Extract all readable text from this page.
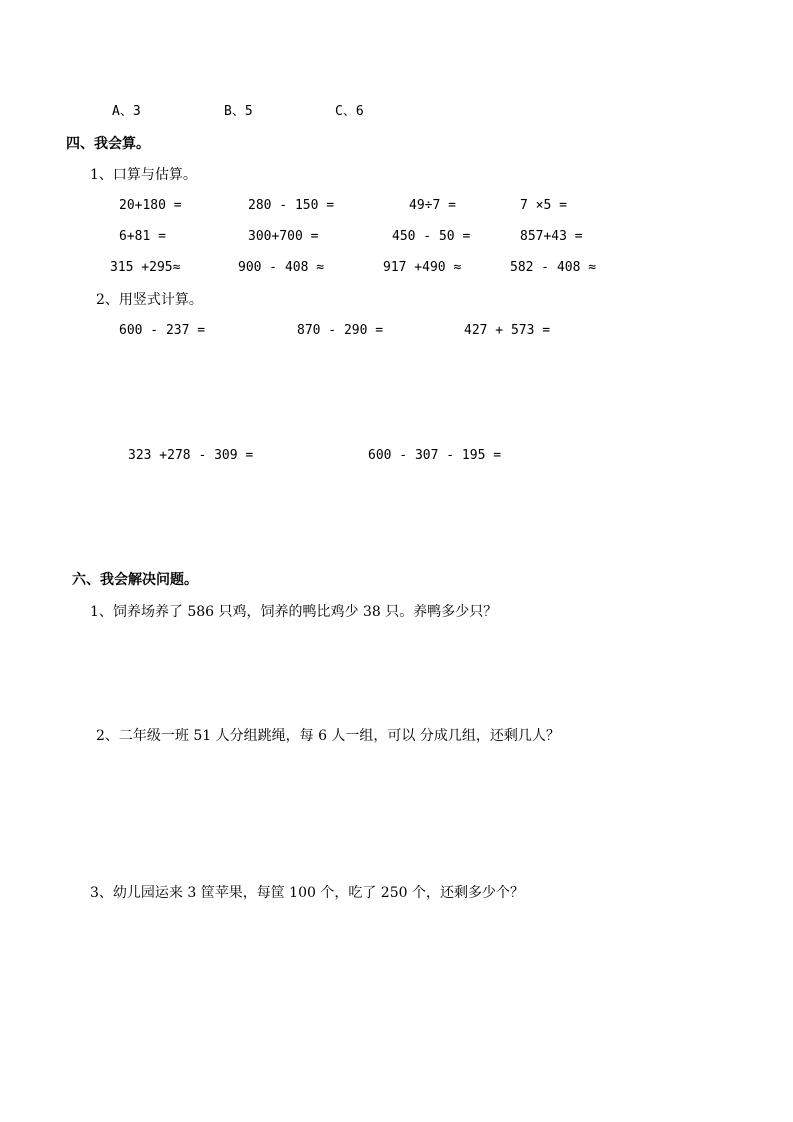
A、3	B、5	C、6
四、我会算。
1、口算与估算。
20+180 =	280 - 150 =	49÷7 =	7 ×5 =
6+81 =	300+700 =	450 - 50 =	857+43 =
315 +295≈	900 - 408 ≈	917 +490 ≈	582 - 408 ≈
2、用竖式计算。
600 - 237 =	870 - 290 =	427 + 573 =
323 +278 - 309 =	600 - 307 - 195 =
六、我会解决问题。
1、饲养场养了 586 只鸡，饲养的鸭比鸡少 38 只。养鸭多少只？
2、二年级一班 51 人分组跳绳，每 6 人一组，可以 分成几组，还剩几人？
3、幼儿园运来 3 筐苹果，每筐 100 个，吃了 250 个，还剩多少个？
